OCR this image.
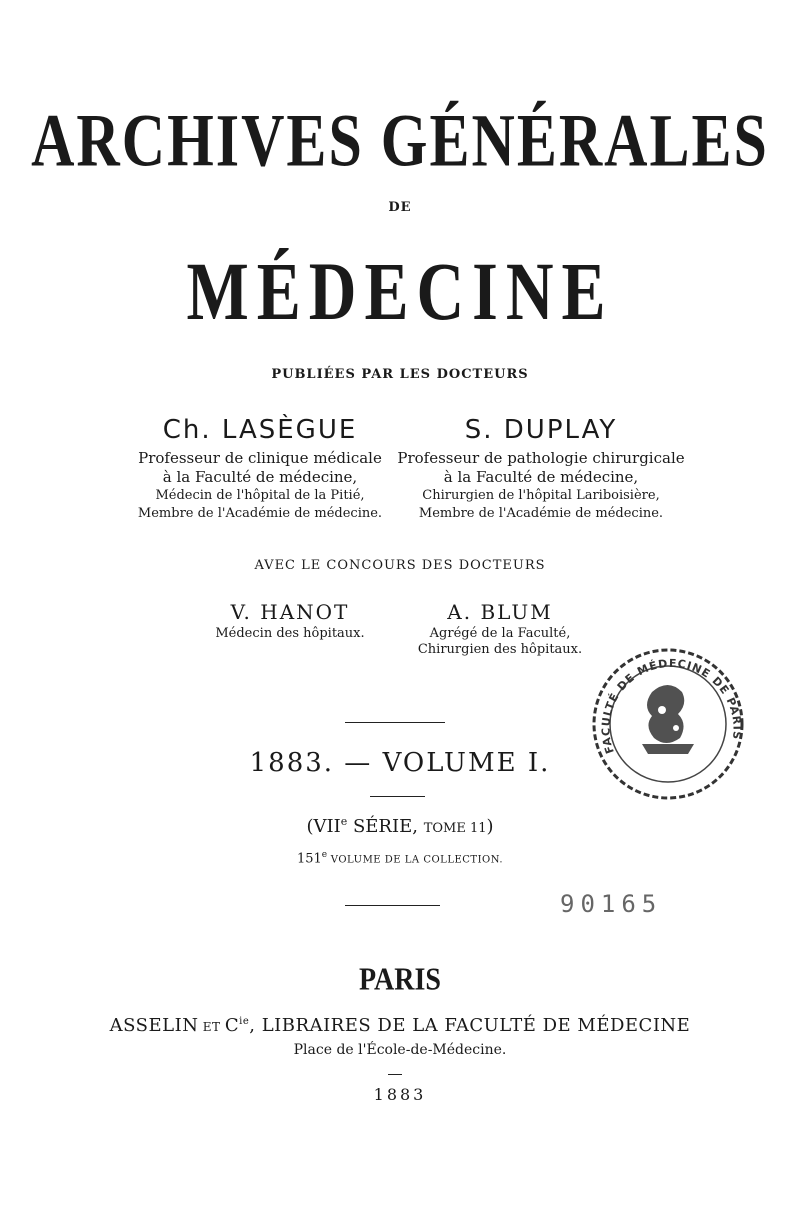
ARCHIVES GÉNÉRALES
DE
MÉDECINE
PUBLIÉES PAR LES DOCTEURS
Ch. LASÈGUE
Professeur de clinique médicale
à la Faculté de médecine,
Médecin de l'hôpital de la Pitié,
Membre de l'Académie de médecine.
S. DUPLAY
Professeur de pathologie chirurgicale
à la Faculté de médecine,
Chirurgien de l'hôpital Lariboisière,
Membre de l'Académie de médecine.
AVEC LE CONCOURS DES DOCTEURS
V. HANOT
Médecin des hôpitaux.
A. BLUM
Agrégé de la Faculté,
Chirurgien des hôpitaux.
1883. — VOLUME I.
(VIIe SÉRIE, TOME 11)
151e VOLUME DE LA COLLECTION.
90165
PARIS
ASSELIN ET $C^{ie}$, LIBRAIRES DE LA FACULTÉ DE MÉDECINE
Place de l'École-de-Médecine.
1883
FACULTÉ DE MÉDECINE DE PARIS
